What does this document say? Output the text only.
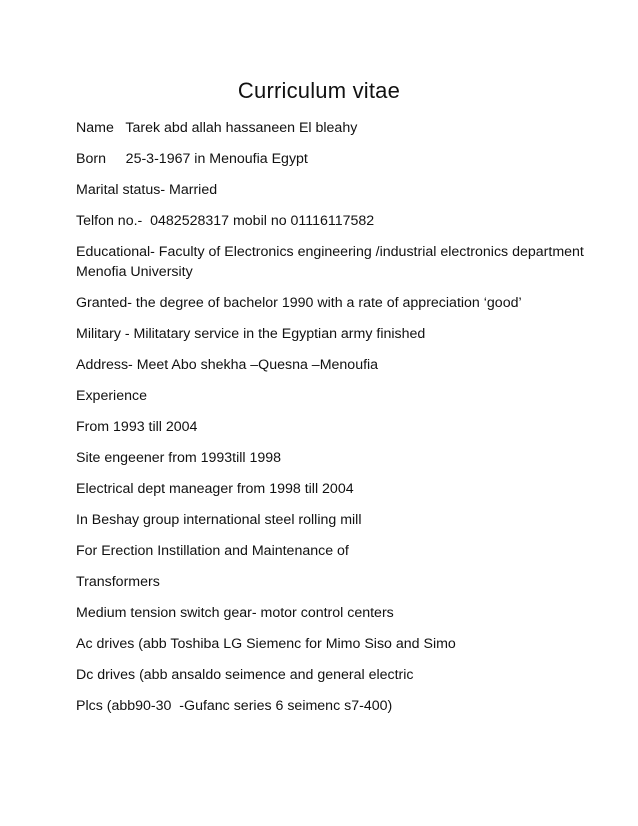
Curriculum vitae
Name   Tarek abd allah hassaneen El bleahy
Born     25-3-1967 in Menoufia Egypt
Marital status- Married
Telfon no.-  0482528317 mobil no 01116117582
Educational- Faculty of Electronics engineering /industrial electronics department
Menofia University
Granted- the degree of bachelor 1990 with a rate of appreciation ‘good’
Military - Militatary service in the Egyptian army finished
Address- Meet Abo shekha –Quesna –Menoufia
Experience
From 1993 till 2004
Site engeener from 1993till 1998
Electrical dept maneager from 1998 till 2004
In Beshay group international steel rolling mill
For Erection Instillation and Maintenance of
Transformers
Medium tension switch gear- motor control centers
Ac drives (abb Toshiba LG Siemenc for Mimo Siso and Simo
Dc drives (abb ansaldo seimence and general electric
Plcs (abb90-30  -Gufanc series 6 seimenc s7-400)
